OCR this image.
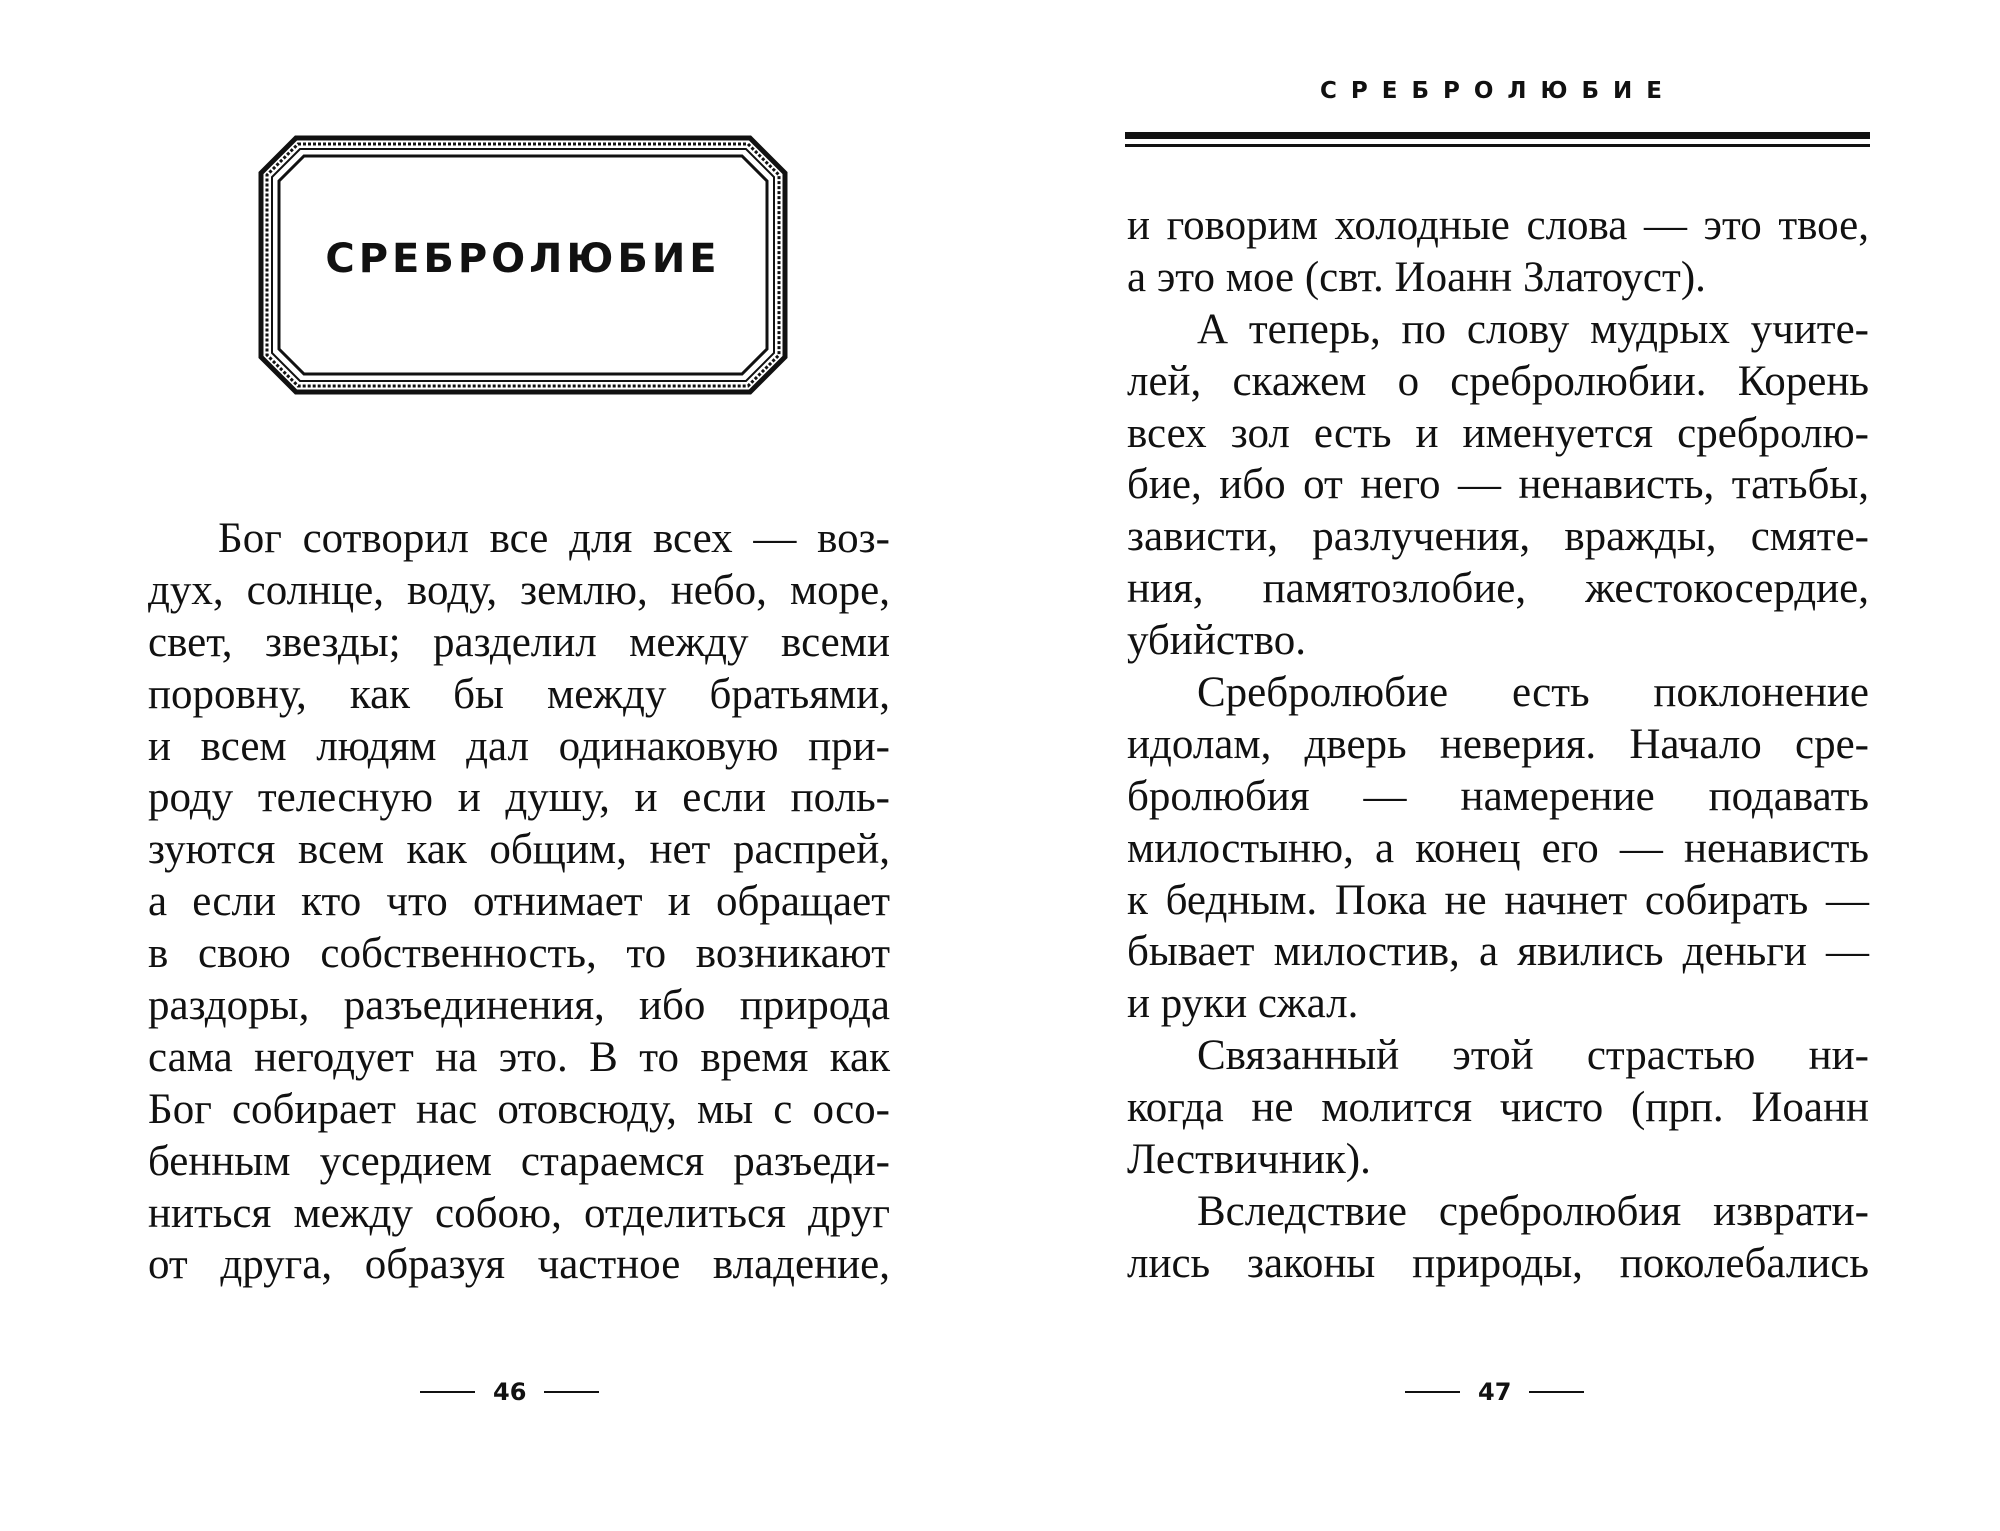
СРЕБРОЛЮБИЕ
Бог сотворил все для всех — воз-
дух, солнце, воду, землю, небо, море,
свет, звезды; разделил между всеми
поровну, как бы между братьями,
и всем людям дал одинаковую при-
роду телесную и душу, и если поль-
зуются всем как общим, нет распрей,
а если кто что отнимает и обращает
в свою собственность, то возникают
раздоры, разъединения, ибо природа
сама негодует на это. В то время как
Бог собирает нас отовсюду, мы с осо-
бенным усердием стараемся разъеди-
ниться между собою, отделиться друг
от друга, образуя частное владение,
46
СРЕБРОЛЮБИЕ
и говорим холодные слова — это твое,
а это мое (свт. Иоанн Златоуст).
А теперь, по слову мудрых учите-
лей, скажем о сребролюбии. Корень
всех зол есть и именуется сребролю-
бие, ибо от него — ненависть, татьбы,
зависти, разлучения, вражды, смяте-
ния, памятозлобие, жестокосердие,
убийство.
Сребролюбие есть поклонение
идолам, дверь неверия. Начало сре-
бролюбия — намерение подавать
милостыню, а конец его — ненависть
к бедным. Пока не начнет собирать —
бывает милостив, а явились деньги —
и руки сжал.
Связанный этой страстью ни-
когда не молится чисто (прп. Иоанн
Лествичник).
Вследствие сребролюбия изврати-
лись законы природы, поколебались
47
